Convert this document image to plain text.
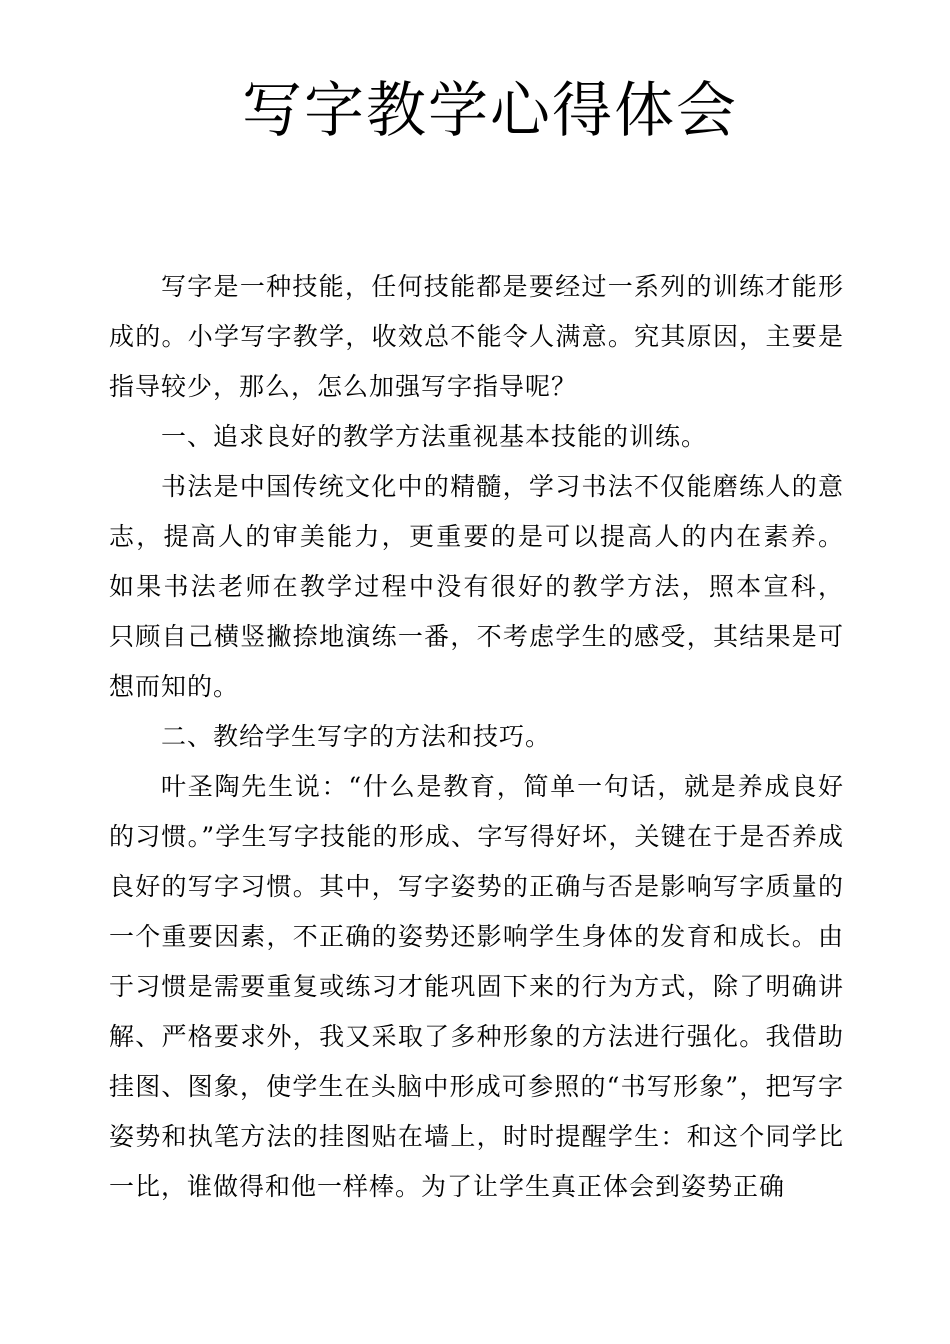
写字教学心得体会

写字是一种技能，任何技能都是要经过一系列的训练才能形成的。小学写字教学，收效总不能令人满意。究其原因，主要是指导较少，那么，怎么加强写字指导呢？

一、追求良好的教学方法重视基本技能的训练。

书法是中国传统文化中的精髓，学习书法不仅能磨练人的意志，提高人的审美能力，更重要的是可以提高人的内在素养。 如果书法老师在教学过程中没有很好的教学方法，照本宣科， 只顾自己横竖撇捺地演练一番，不考虑学生的感受，其结果是可想而知的。

二、教给学生写字的方法和技巧。

叶圣陶先生说：“什么是教育，简单一句话，就是养成良好的习惯。”学生写字技能的形成、字写得好坏，关键在于是否养成良好的写字习惯。其中，写字姿势的正确与否是影响写字质量的一个重要因素，不正确的姿势还影响学生身体的发育和成长。由于习惯是需要重复或练习才能巩固下来的行为方式，除了明确讲解、严格要求外，我又采取了多种形象的方法进行强化。我借助挂图、图象，使学生在头脑中形成可参照的“书写形象”，把写字姿势和执笔方法的挂图贴在墙上，时时提醒学生：和这个同学比一比，谁做得和他一样棒。为了让学生真正体会到姿势正确
